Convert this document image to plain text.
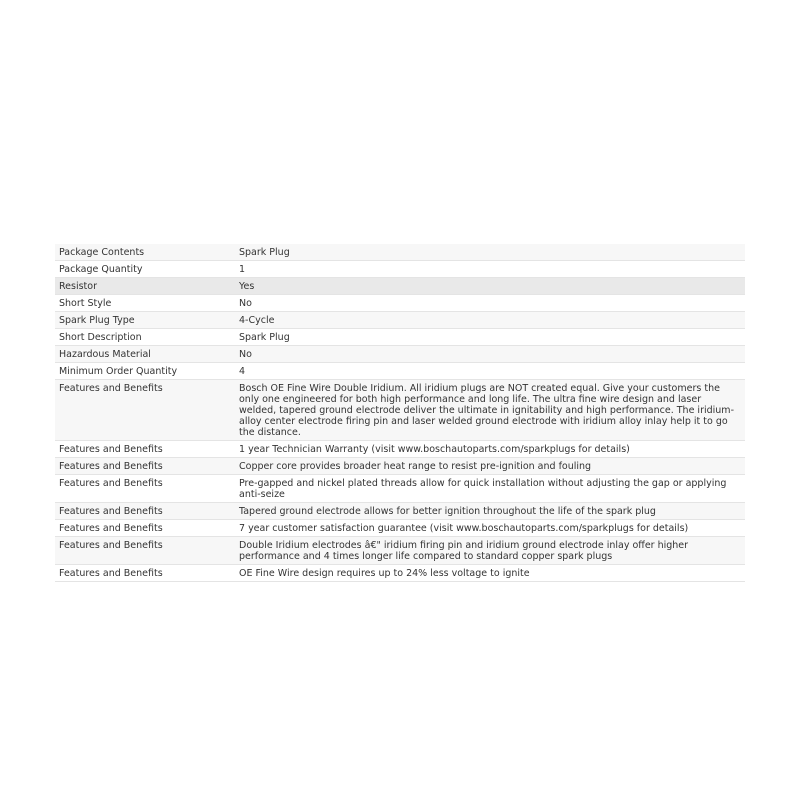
Package Contents	Spark Plug
Package Quantity	1
Resistor	Yes
Short Style	No
Spark Plug Type	4-Cycle
Short Description	Spark Plug
Hazardous Material	No
Minimum Order Quantity	4
Features and Benefits	Bosch OE Fine Wire Double Iridium. All iridium plugs are NOT created equal. Give your customers the only one engineered for both high performance and long life. The ultra fine wire design and laser welded, tapered ground electrode deliver the ultimate in ignitability and high performance. The iridium-alloy center electrode firing pin and laser welded ground electrode with iridium alloy inlay help it to go the distance.
Features and Benefits	1 year Technician Warranty (visit www.boschautoparts.com/sparkplugs for details)
Features and Benefits	Copper core provides broader heat range to resist pre-ignition and fouling
Features and Benefits	Pre-gapped and nickel plated threads allow for quick installation without adjusting the gap or applying anti-seize
Features and Benefits	Tapered ground electrode allows for better ignition throughout the life of the spark plug
Features and Benefits	7 year customer satisfaction guarantee (visit www.boschautoparts.com/sparkplugs for details)
Features and Benefits	Double Iridium electrodes â€" iridium firing pin and iridium ground electrode inlay offer higher performance and 4 times longer life compared to standard copper spark plugs
Features and Benefits	OE Fine Wire design requires up to 24% less voltage to ignite
